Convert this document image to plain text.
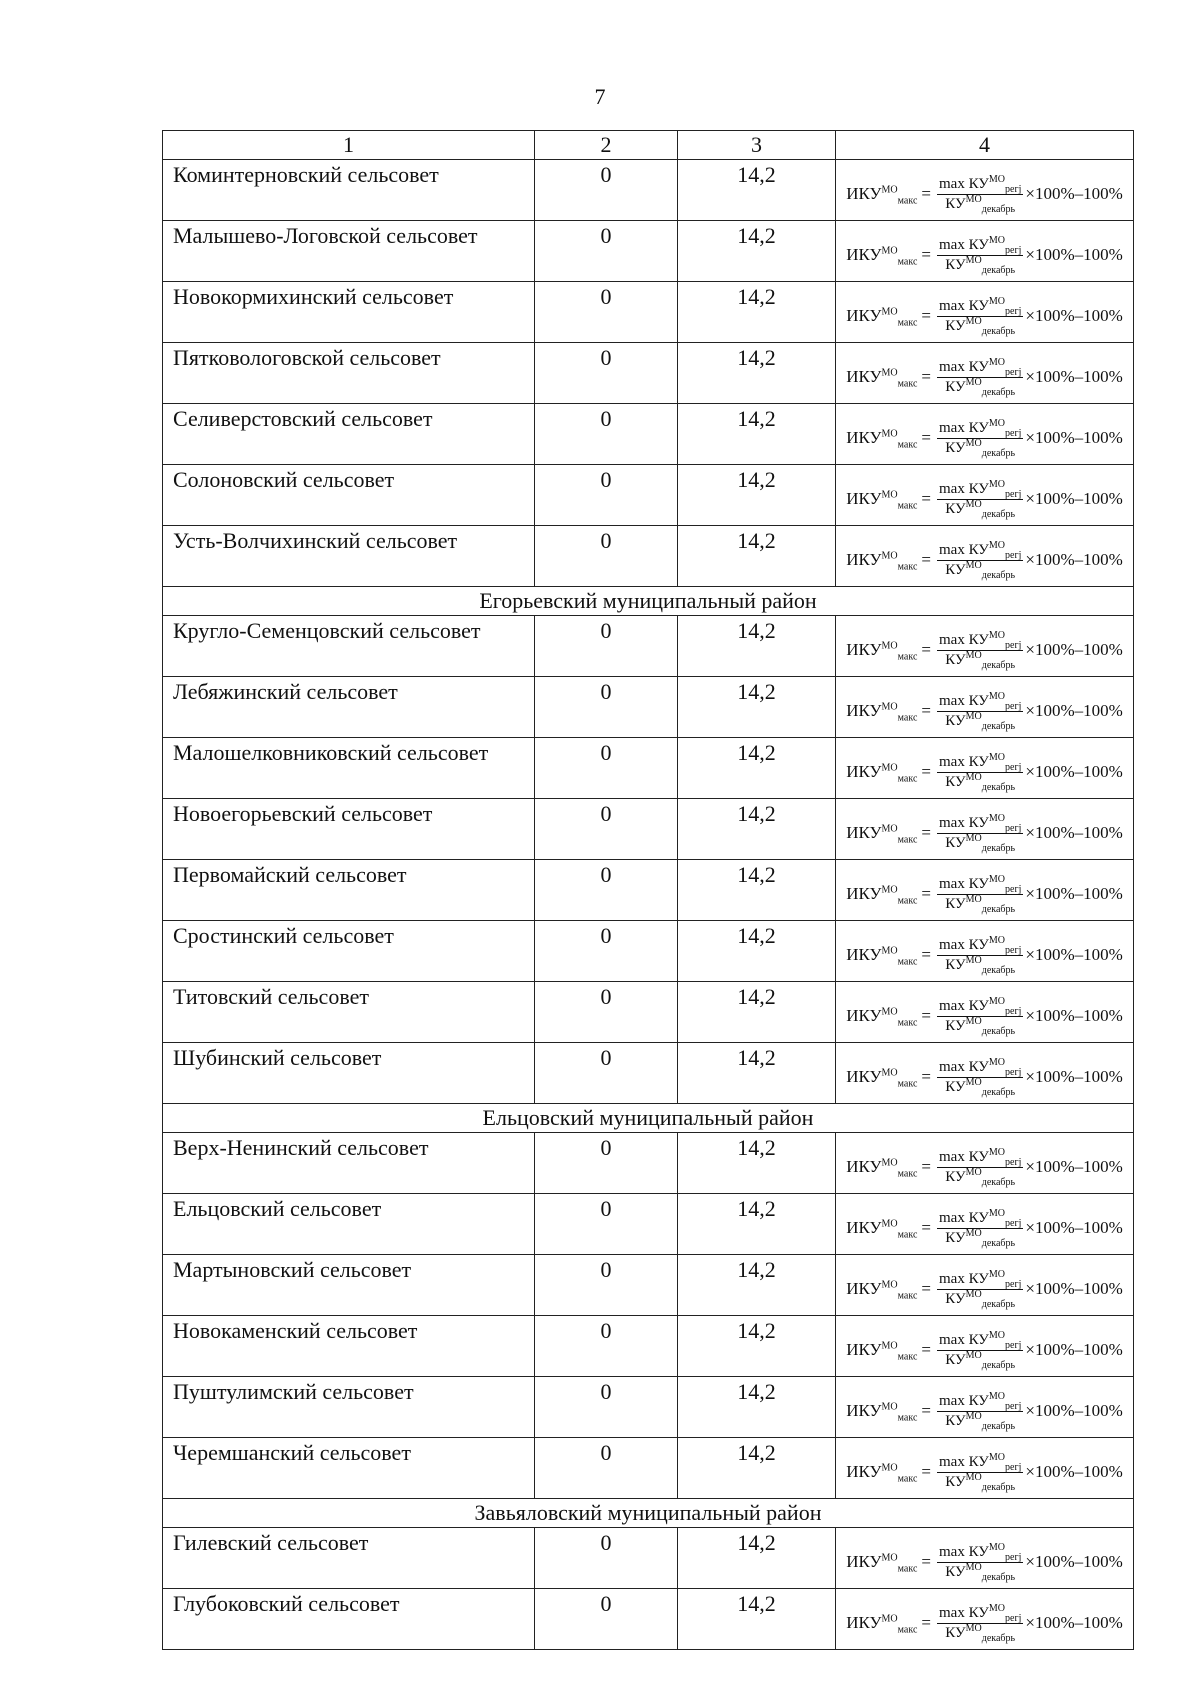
7
1	2	3	4
Коминтерновский сельсовет	0	14,2	$ИКУ^{МО}_{макс} = \frac{\max КУ^{МО}_{регј}}{КУ^{МО}_{декабрь}} \times 100\%-100\%$

Малышево-Логовской сельсовет	0	14,2	$ИКУ^{МО}_{макс} = \frac{\max КУ^{МО}_{регј}}{КУ^{МО}_{декабрь}} \times 100\%-100\%$

Новокормихинский сельсовет	0	14,2	$ИКУ^{МО}_{макс} = \frac{\max КУ^{МО}_{регј}}{КУ^{МО}_{декабрь}} \times 100\%-100\%$

Пятковологовской сельсовет	0	14,2	$ИКУ^{МО}_{макс} = \frac{\max КУ^{МО}_{регј}}{КУ^{МО}_{декабрь}} \times 100\%-100\%$

Селиверстовский сельсовет	0	14,2	$ИКУ^{МО}_{макс} = \frac{\max КУ^{МО}_{регј}}{КУ^{МО}_{декабрь}} \times 100\%-100\%$

Солоновский сельсовет	0	14,2	$ИКУ^{МО}_{макс} = \frac{\max КУ^{МО}_{регј}}{КУ^{МО}_{декабрь}} \times 100\%-100\%$

Усть-Волчихинский сельсовет	0	14,2	$ИКУ^{МО}_{макс} = \frac{\max КУ^{МО}_{регј}}{КУ^{МО}_{декабрь}} \times 100\%-100\%$

Егорьевский муниципальный район			
Кругло-Семенцовский сельсовет	0	14,2	$ИКУ^{МО}_{макс} = \frac{\max КУ^{МО}_{регј}}{КУ^{МО}_{декабрь}} \times 100\%-100\%$

Лебяжинский сельсовет	0	14,2	$ИКУ^{МО}_{макс} = \frac{\max КУ^{МО}_{регј}}{КУ^{МО}_{декабрь}} \times 100\%-100\%$

Малошелковниковский сельсовет	0	14,2	$ИКУ^{МО}_{макс} = \frac{\max КУ^{МО}_{регј}}{КУ^{МО}_{декабрь}} \times 100\%-100\%$

Новоегорьевский сельсовет	0	14,2	$ИКУ^{МО}_{макс} = \frac{\max КУ^{МО}_{регј}}{КУ^{МО}_{декабрь}} \times 100\%-100\%$

Первомайский сельсовет	0	14,2	$ИКУ^{МО}_{макс} = \frac{\max КУ^{МО}_{регј}}{КУ^{МО}_{декабрь}} \times 100\%-100\%$

Сростинский сельсовет	0	14,2	$ИКУ^{МО}_{макс} = \frac{\max КУ^{МО}_{регј}}{КУ^{МО}_{декабрь}} \times 100\%-100\%$

Титовский сельсовет	0	14,2	$ИКУ^{МО}_{макс} = \frac{\max КУ^{МО}_{регј}}{КУ^{МО}_{декабрь}} \times 100\%-100\%$

Шубинский сельсовет	0	14,2	$ИКУ^{МО}_{макс} = \frac{\max КУ^{МО}_{регј}}{КУ^{МО}_{декабрь}} \times 100\%-100\%$

Ельцовский муниципальный район			
Верх-Ненинский сельсовет	0	14,2	$ИКУ^{МО}_{макс} = \frac{\max КУ^{МО}_{регј}}{КУ^{МО}_{декабрь}} \times 100\%-100\%$

Ельцовский сельсовет	0	14,2	$ИКУ^{МО}_{макс} = \frac{\max КУ^{МО}_{регј}}{КУ^{МО}_{декабрь}} \times 100\%-100\%$

Мартыновский сельсовет	0	14,2	$ИКУ^{МО}_{макс} = \frac{\max КУ^{МО}_{регј}}{КУ^{МО}_{декабрь}} \times 100\%-100\%$

Новокаменский сельсовет	0	14,2	$ИКУ^{МО}_{макс} = \frac{\max КУ^{МО}_{регј}}{КУ^{МО}_{декабрь}} \times 100\%-100\%$

Пуштулимский сельсовет	0	14,2	$ИКУ^{МО}_{макс} = \frac{\max КУ^{МО}_{регј}}{КУ^{МО}_{декабрь}} \times 100\%-100\%$

Черемшанский сельсовет	0	14,2	$ИКУ^{МО}_{макс} = \frac{\max КУ^{МО}_{регј}}{КУ^{МО}_{декабрь}} \times 100\%-100\%$

Завьяловский муниципальный район			
Гилевский сельсовет	0	14,2	$ИКУ^{МО}_{макс} = \frac{\max КУ^{МО}_{регј}}{КУ^{МО}_{декабрь}} \times 100\%-100\%$

Глубоковский сельсовет	0	14,2	$ИКУ^{МО}_{макс} = \frac{\max КУ^{МО}_{регј}}{КУ^{МО}_{декабрь}} \times 100\%-100\%$
